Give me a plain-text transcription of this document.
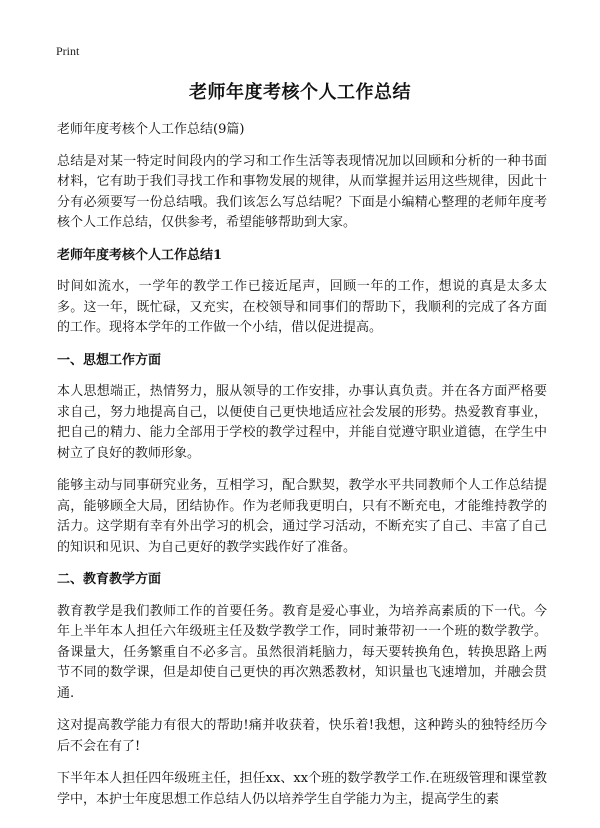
Print
老师年度考核个人工作总结

老师年度考核个人工作总结(9篇)

总结是对某一特定时间段内的学习和工作生活等表现情况加以回顾和分析的一种书面材料，它有助于我们寻找工作和事物发展的规律，从而掌握并运用这些规律，因此十分有必须要写一份总结哦。我们该怎么写总结呢？下面是小编精心整理的老师年度考核个人工作总结，仅供参考，希望能够帮助到大家。

老师年度考核个人工作总结1

时间如流水，一学年的教学工作已接近尾声，回顾一年的工作，想说的真是太多太多。这一年，既忙碌，又充实，在校领导和同事们的帮助下，我顺利的完成了各方面的工作。现将本学年的工作做一个小结，借以促进提高。

一、思想工作方面

本人思想端正，热情努力，服从领导的工作安排，办事认真负责。并在各方面严格要求自己，努力地提高自己，以便使自己更快地适应社会发展的形势。热爱教育事业，把自己的精力、能力全部用于学校的教学过程中，并能自觉遵守职业道德，在学生中树立了良好的教师形象。

能够主动与同事研究业务，互相学习，配合默契，教学水平共同教师个人工作总结提高，能够顾全大局，团结协作。作为老师我更明白，只有不断充电，才能维持教学的活力。这学期有幸有外出学习的机会，通过学习活动，不断充实了自己、丰富了自己的知识和见识、为自己更好的教学实践作好了准备。

二、教育教学方面

教育教学是我们教师工作的首要任务。教育是爱心事业，为培养高素质的下一代。今年上半年本人担任六年级班主任及数学教学工作，同时兼带初一一个班的数学教学。备课量大，任务繁重自不必多言。虽然很消耗脑力，每天要转换角色，转换思路上两节不同的数学课，但是却使自己更快的再次熟悉教材，知识量也飞速增加，并融会贯通.

这对提高教学能力有很大的帮助!痛并收获着，快乐着!我想，这种跨头的独特经历今后不会在有了!

下半年本人担任四年级班主任，担任xx、xx个班的数学教学工作.在班级管理和课堂教学中，本护士年度思想工作总结人仍以培养学生自学能力为主，提高学生的素
